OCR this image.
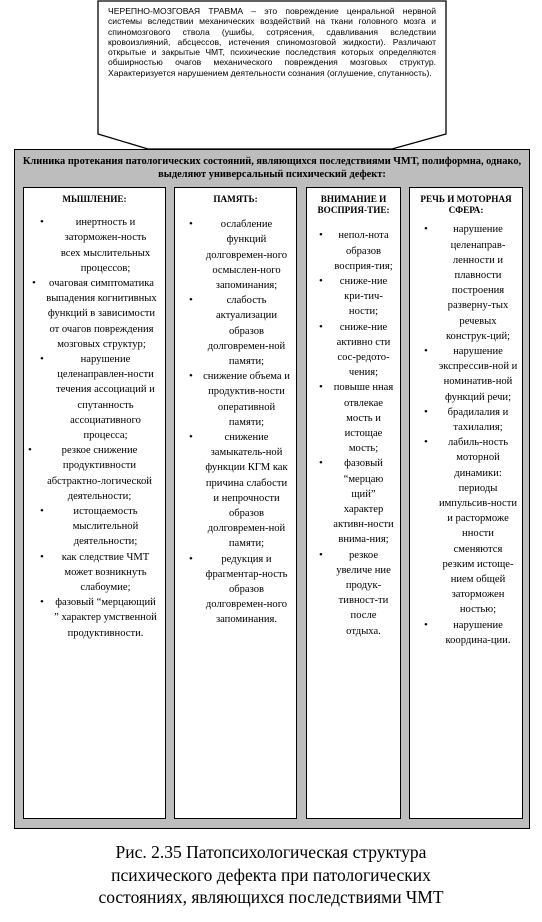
ЧЕРЕПНО-МОЗГОВАЯ ТРАВМА – это повреждение ценральной нервной системы вследствии механических воздействий на ткани головного мозга и спиномозгового ствола (ушибы, сотрясения, сдавливания вследствии кровоизлияний, абсцессов, истечения спиномозговой жидкости). Различают открытые и закрытые ЧМТ, психические последствия которых определяются обширностью очагов механического повреждения мозговых структур. Характеризуется нарушением деятельности сознания (оглушение, спутанность).
Клиника протекания патологических состояний, являющихся последствиями ЧМТ, полиформна, однако, выделяют универсальный психический дефект:
МЫШЛЕНИЕ:
•	инертность и заторможен-ность всех мыслительных процессов;
• очаговая симптоматика выпадения когнитивных функций в зависимости от очагов повреждения мозговых структур;
•	нарушение целенаправлен-ности течения ассоциаций и спутанность ассоциативного процесса;
•	резкое снижение продуктивности абстрактно-логической деятельности;
•	истощаемость мыслительной деятельности;
• как следствие ЧМТ может возникнуть слабоумие;
• фазовый “мерцающий ” характер умственной продуктивности.
ПАМЯТЬ:
•	ослабление функций долговремен-ного осмыслен-ного запоминания;
•	слабость актуализации образов долговремен-ной памяти;
• снижение объема и продуктив-ности оперативной памяти;
•	снижение замыкатель-ной функции КГМ как причина слабости и непрочности образов долговремен-ной памяти;
•	редукция и фрагментар-ность образов долговремен-ного запоминания.
ВНИМАНИЕ И ВОСПРИЯ-ТИЕ:
• непол-нота образов восприя-тия;
• сниже-ние кри-тич-ности;
• сниже-ние активно сти сос-редото-чения;
• повыше нная отвлекае мость и истощае мость;
• фазовый “мерцаю щий” характер активн-ности внима-ния;
• резкое увеличе ние продук-тивност-ти после отдыха.
РЕЧЬ И МОТОРНАЯ СФЕРА:
• нарушение целенаправ-ленности и плавности построения разверну-тых речевых конструк-ций;
• нарушение экспрессив-ной и номинатив-ной функций речи;
• брадилалия и тахилалия;
• лабиль-ность моторной динамики: периоды импульсив-ности и расторможе нности сменяются резким истоще-нием общей заторможен ностью;
• нарушение координа-ции.
Рис. 2.35 Патопсихологическая структура
психического дефекта при патологических
состояниях, являющихся последствиями ЧМТ
